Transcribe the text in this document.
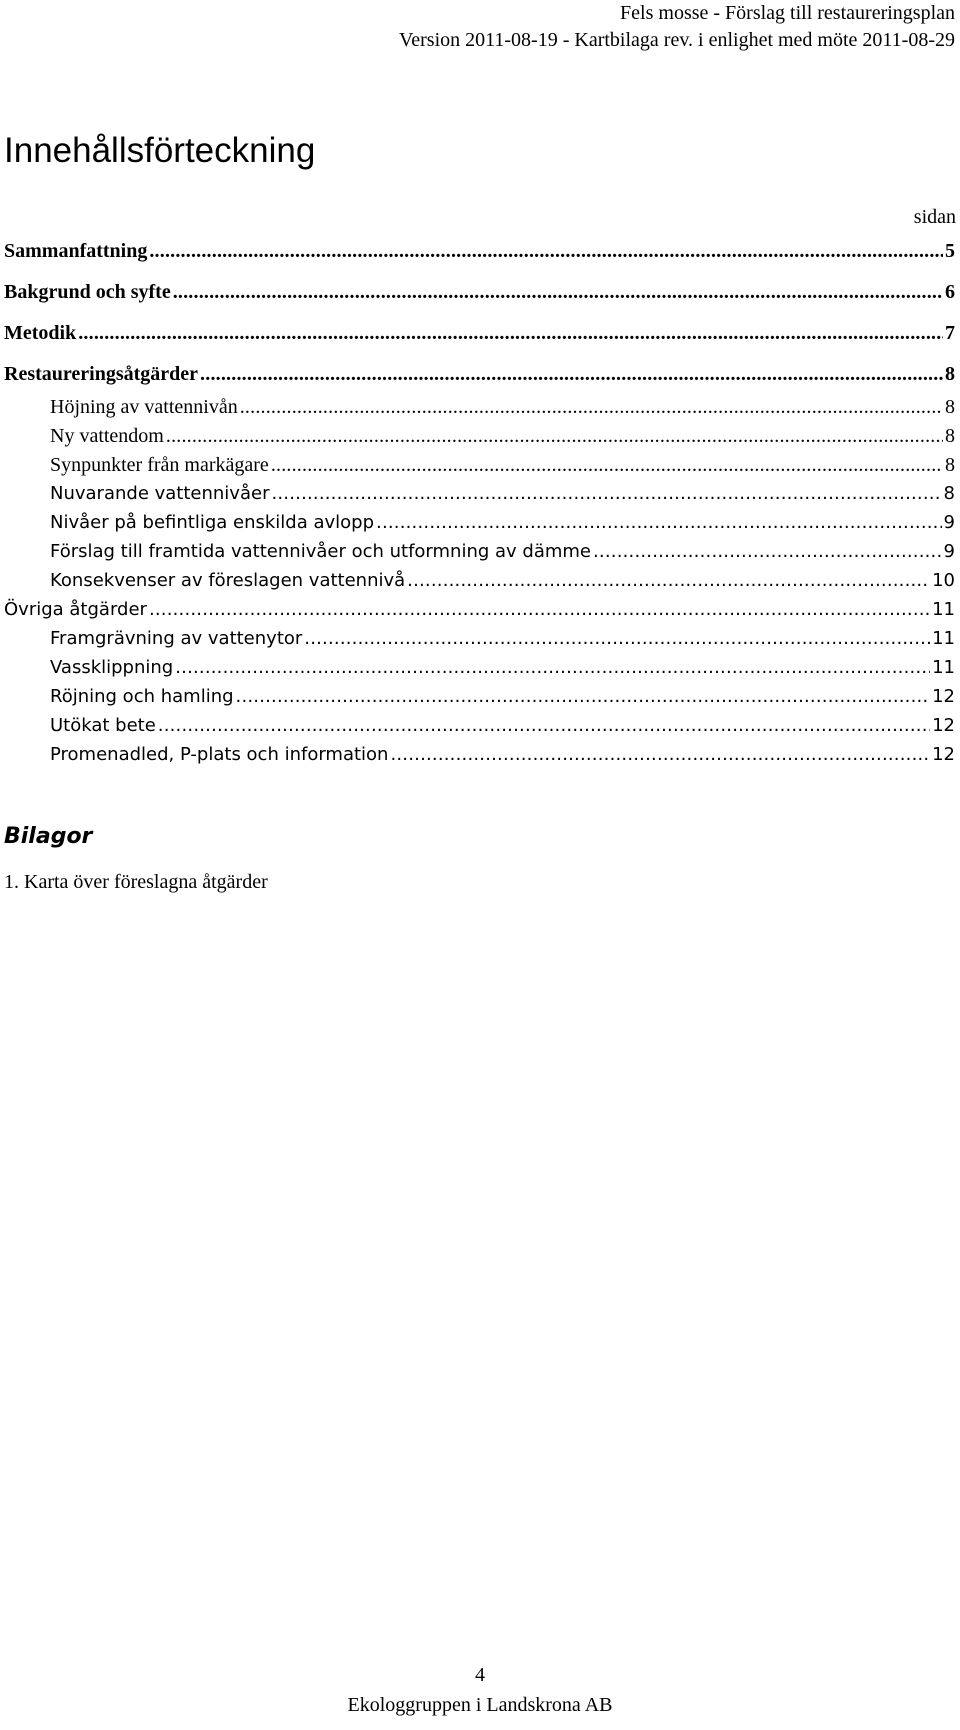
Fels mosse - Förslag till restaureringsplan
Version 2011-08-19 - Kartbilaga rev. i enlighet med möte 2011-08-29
Innehållsförteckning
sidan
Sammanfattning .....	5
Bakgrund och syfte .....	6
Metodik .....	7
Restaureringsåtgärder .....	8
Höjning av vattennivån .....	8
Ny vattendom .....	8
Synpunkter från markägare .....	8
Nuvarande vattennivåer .....	8
Nivåer på befintliga enskilda avlopp .....	9
Förslag till framtida vattennivåer och utformning av dämme .....	9
Konsekvenser av föreslagen vattennivå .....	10
Övriga åtgärder .....	11
Framgrävning av vattenytor .....	11
Vassklippning .....	11
Röjning och hamling .....	12
Utökat bete .....	12
Promenadled, P-plats och information .....	12
Bilagor
1. Karta över föreslagna åtgärder
4
Ekologgruppen i Landskrona AB
